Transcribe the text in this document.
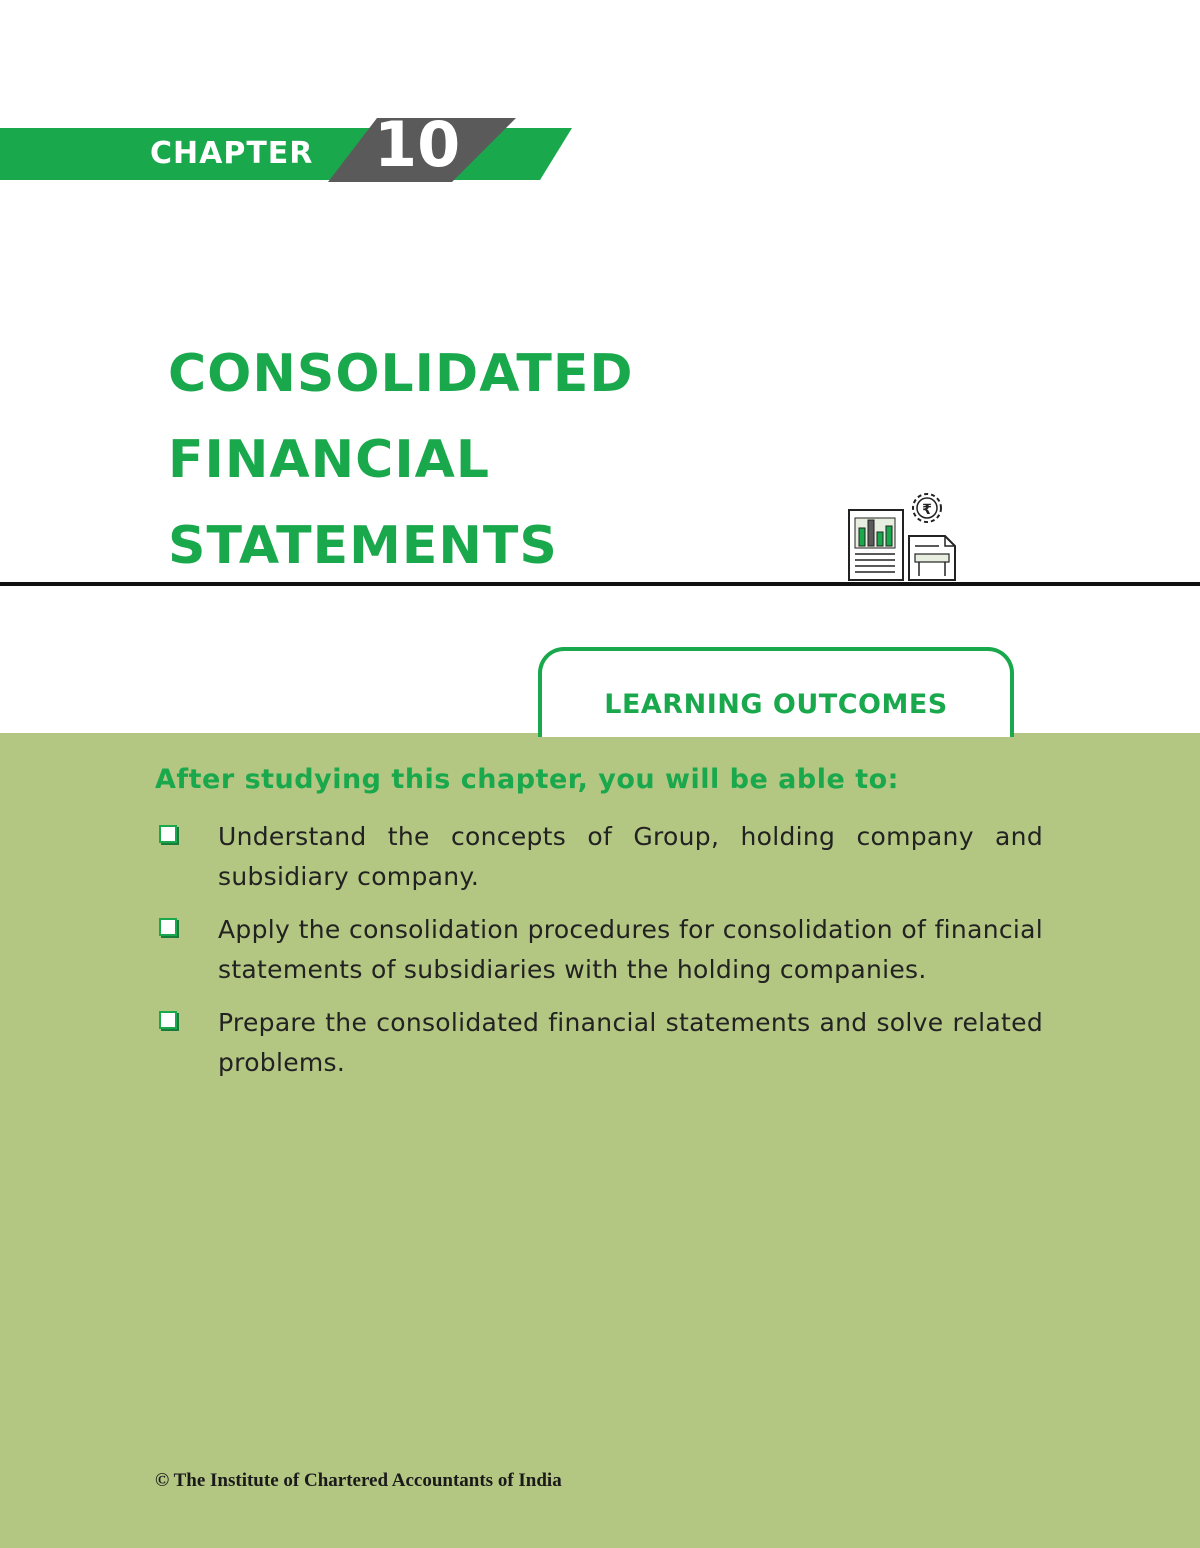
CHAPTER 10
CONSOLIDATED
FINANCIAL
STATEMENTS
₹
LEARNING OUTCOMES
After studying this chapter, you will be able to:
Understand the concepts of Group, holding company and subsidiary company.
Apply the consolidation procedures for consolidation of financial statements of subsidiaries with the holding companies.
Prepare the consolidated financial statements and solve related problems.
© The Institute of Chartered Accountants of India
